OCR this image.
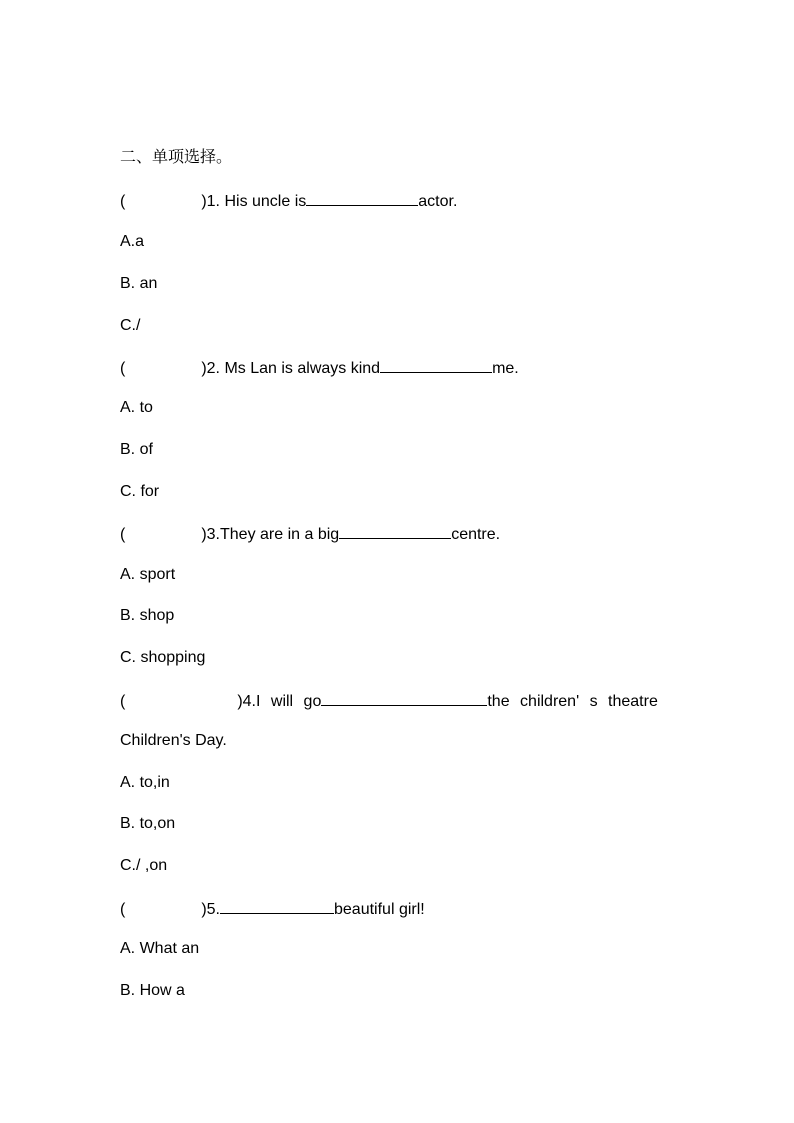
二、单项选择。
(	)1. His uncle is	actor.
A.a
B. an
C./
(	)2. Ms Lan is always kind	me.
A. to
B. of
C. for
(	)3.They are in a big	centre.
A. sport
B. shop
C. shopping
(	)4.I will go	the children' s theatre
Children's Day.
A. to,in
B. to,on
C./ ,on
(	)5.	beautiful girl!
A. What an
B. How a
